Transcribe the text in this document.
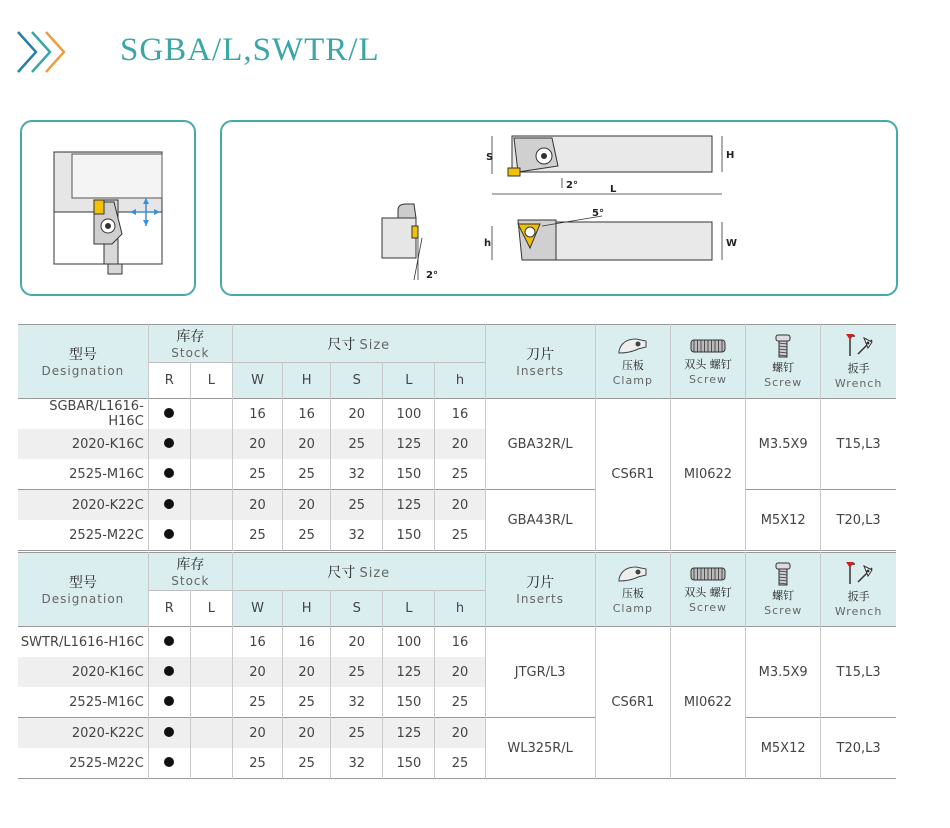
SGBA/L,SWTR/L
2°
S	H
2°	L
5°
h	W
型号
Designation	库存
Stock		尺寸 Size					刀片
Inserts	压板
Clamp	双头 螺钉
Screw	螺钉
Screw	扳手
Wrench
	R	L	W	H	S	L	h					
SGBAR/L1616-H16C			16	16	20	100	16	GBA32R/L	CS6R1	MI0622	M3.5X9	T15,L3
2020-K16C			20	20	25	125	20					
2525-M16C			25	25	32	150	25					
2020-K22C			20	20	25	125	20	GBA43R/L			M5X12	T20,L3
2525-M22C			25	25	32	150	25					

型号
Designation	库存
Stock		尺寸 Size					刀片
Inserts	压板
Clamp	双头 螺钉
Screw	螺钉
Screw	扳手
Wrench
	R	L	W	H	S	L	h					
SWTR/L1616-H16C			16	16	20	100	16	JTGR/L3	CS6R1	MI0622	M3.5X9	T15,L3
2020-K16C			20	20	25	125	20					
2525-M16C			25	25	32	150	25					
2020-K22C			20	20	25	125	20	WL325R/L			M5X12	T20,L3
2525-M22C			25	25	32	150	25					
